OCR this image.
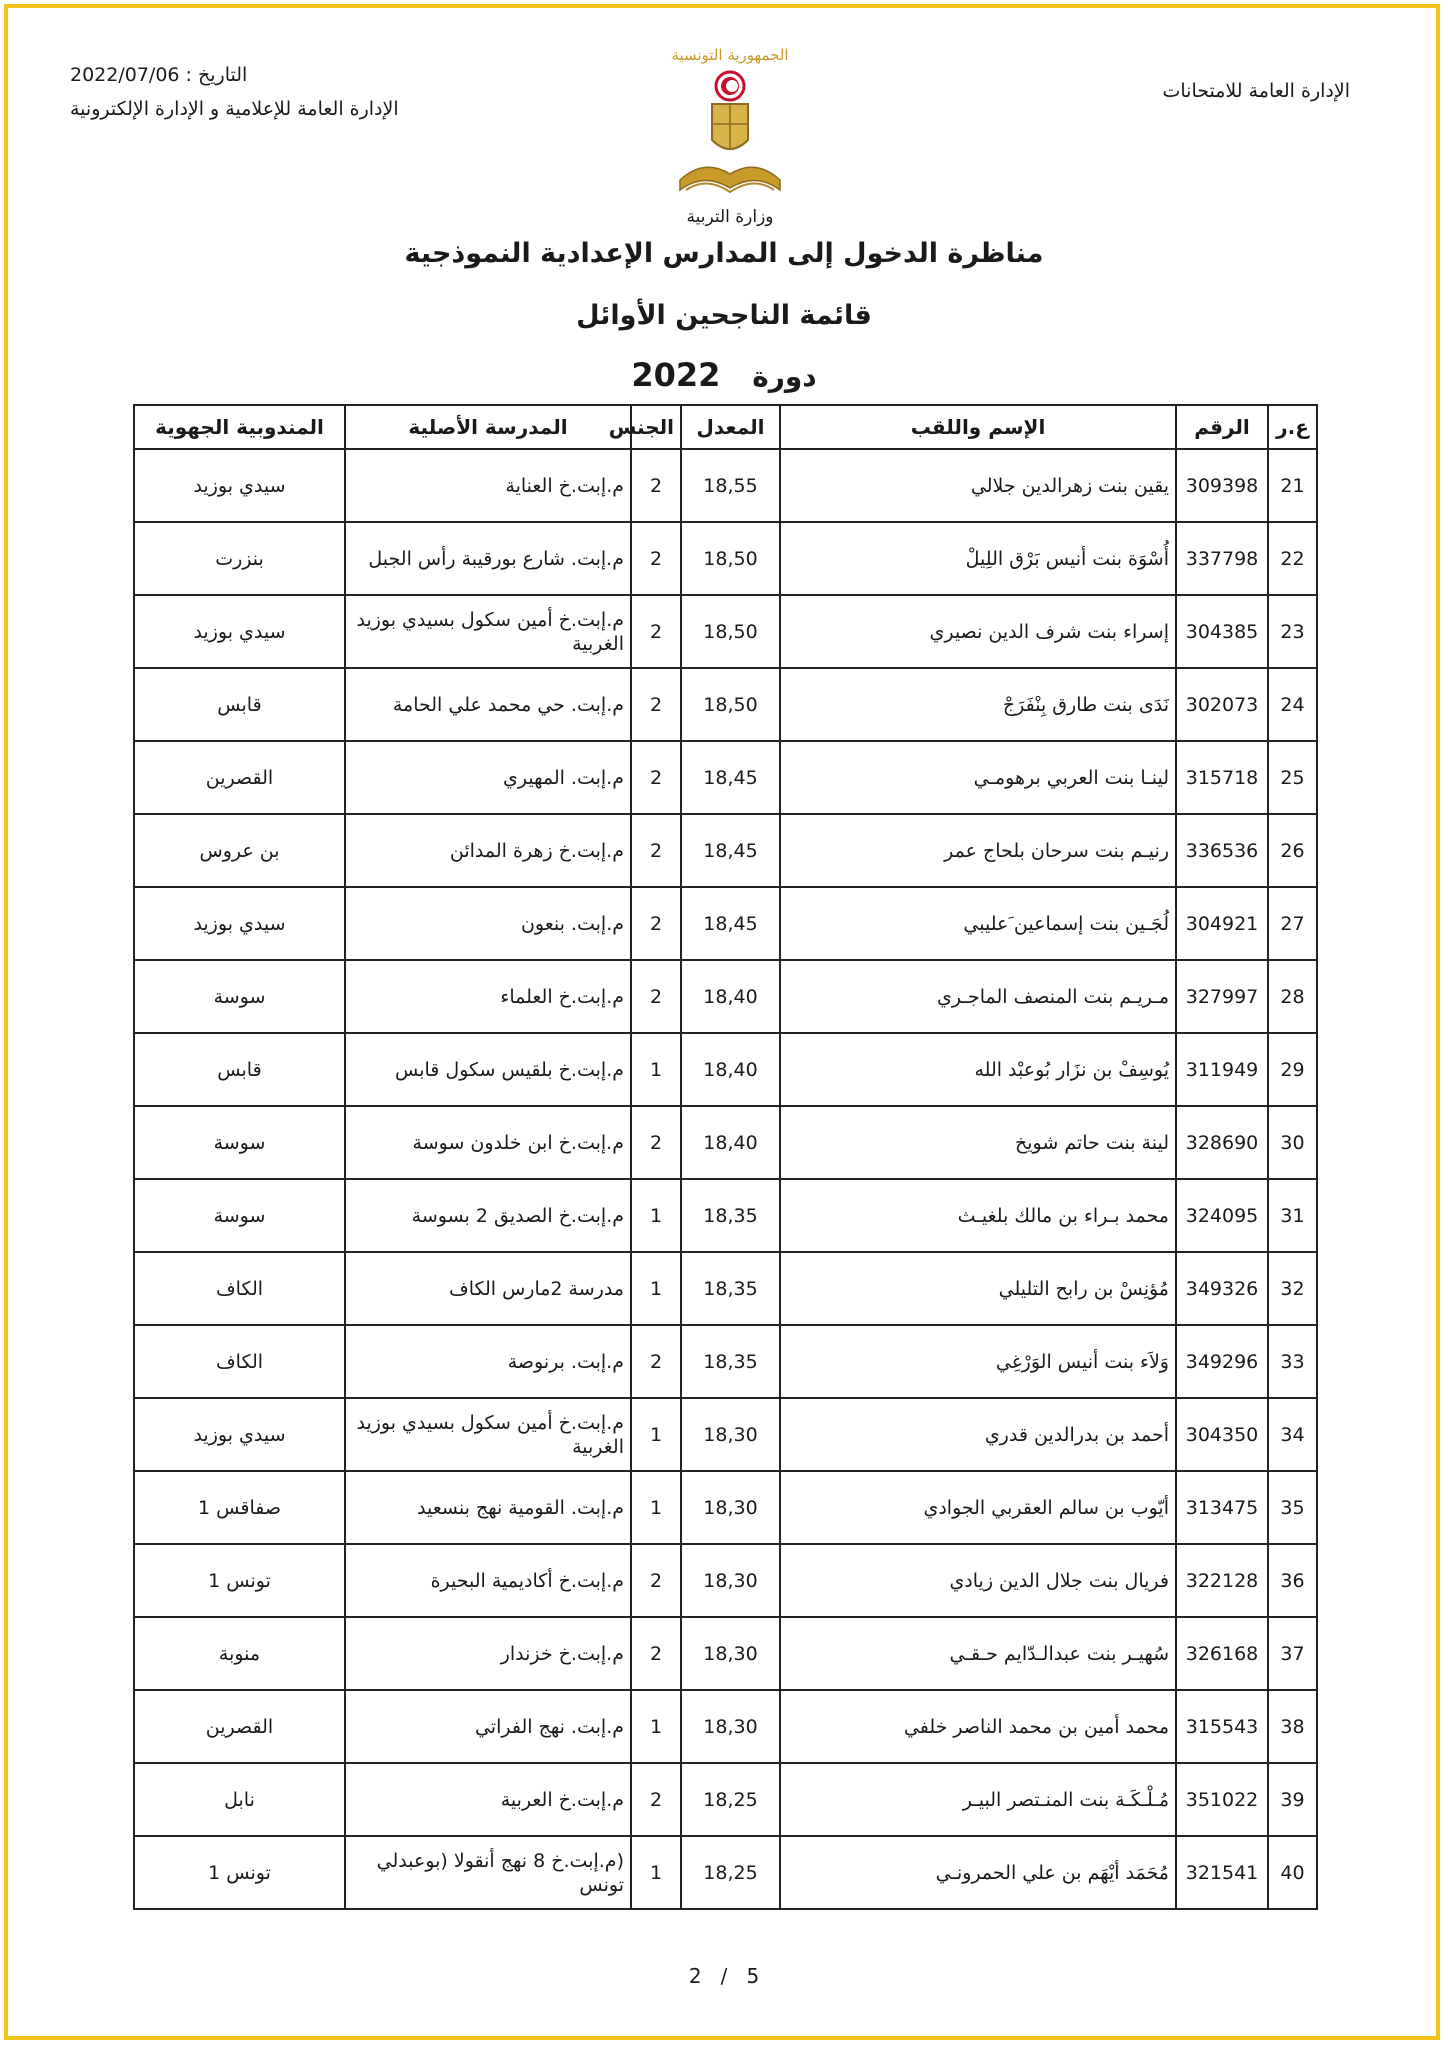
الإدارة العامة للامتحانات
التاريخ : 2022/07/06
الإدارة العامة للإعلامية و الإدارة الإلكترونية
الجمهورية التونسية
وزارة التربية
مناظرة الدخول إلى المدارس الإعدادية النموذجية
قائمة الناجحين الأوائل
دورة 2022
ع.ر	الرقم	الإسم واللقب	المعدل	الجنس	المدرسة الأصلية	المندوبية الجهوية
21	309398	يقين بنت زهرالدين جلالي	18,55	2	م.إبت.خ العناية	سيدي بوزيد
22	337798	أُسْوَة بنت أنيس بَرْق اللِيلْ	18,50	2	م.إبت. شارع بورقيبة رأس الجبل	بنزرت
23	304385	إسراء بنت شرف الدين نصيري	18,50	2	م.إبت.خ أمين سكول بسيدي بوزيد الغربية	سيدي بوزيد
24	302073	نَدَى بنت طارق بِنْفَرَجْ	18,50	2	م.إبت. حي محمد علي الحامة	قابس
25	315718	لينـا بنت العربي برهومـي	18,45	2	م.إبت. المهيري	القصرين
26	336536	رنيـم بنت سرحان بلحاج عمر	18,45	2	م.إبت.خ زهرة المدائن	بن عروس
27	304921	لُجَـين بنت إسماعين َعليبي	18,45	2	م.إبت. بنعون	سيدي بوزيد
28	327997	مـريـم بنت المنصف الماجـري	18,40	2	م.إبت.خ العلماء	سوسة
29	311949	يُوسِفْ بن نزَار بُوعبْد الله	18,40	1	م.إبت.خ بلقيس سكول قابس	قابس
30	328690	لينة بنت حاتم شويخ	18,40	2	م.إبت.خ ابن خلدون سوسة	سوسة
31	324095	محمد بـراء بن مالك بلغيـث	18,35	1	م.إبت.خ الصديق 2 بسوسة	سوسة
32	349326	مُؤنِسْ بن رابح التليلي	18,35	1	مدرسة 2مارس الكاف	الكاف
33	349296	وَلاَء بنت أنيس الوَرْغِي	18,35	2	م.إبت. برنوصة	الكاف
34	304350	أحمد بن بدرالدين قدري	18,30	1	م.إبت.خ أمين سكول بسيدي بوزيد الغربية	سيدي بوزيد
35	313475	أيّوب بن سالم العقربي الجوادي	18,30	1	م.إبت. القومية نهج بنسعيد	صفاقس 1
36	322128	فريال بنت جلال الدين زيادي	18,30	2	م.إبت.خ أكاديمية البحيرة	تونس 1
37	326168	سُهيـر بنت عبدالـدّايم حـقـي	18,30	2	م.إبت.خ خزندار	منوبة
38	315543	محمد أمين بن محمد الناصر خلفي	18,30	1	م.إبت. نهج الفراتي	القصرين
39	351022	مُـلْـكَـة بنت المنـتصر البيـر	18,25	2	م.إبت.خ العربية	نابل
40	321541	مُحَمَد أيْهَم بن علي الحمرونـي	18,25	1	(م.إبت.خ 8 نهج أنقولا (بوعبدلي تونس	تونس 1
2 / 5
